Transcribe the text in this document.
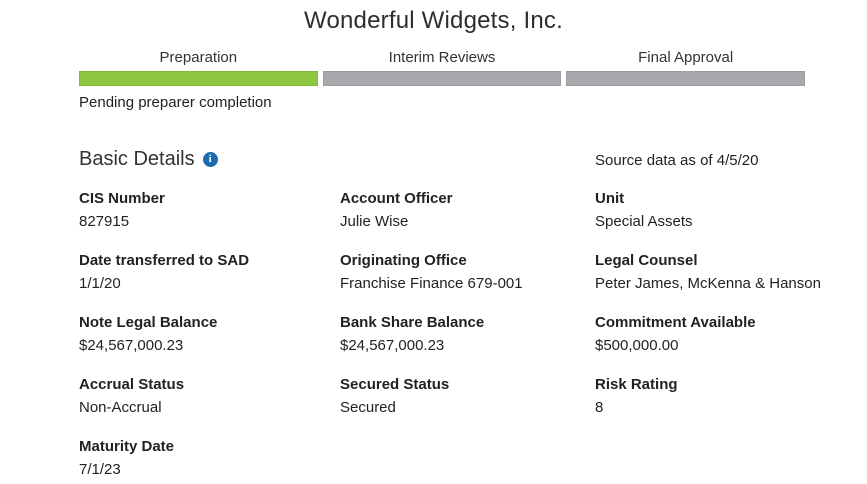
Wonderful Widgets, Inc.
Preparation	Interim Reviews	Final Approval
Pending preparer completion
Basic Details	i	Source data as of 4/5/20
CIS Number
827915
Account Officer
Julie Wise
Unit
Special Assets
Date transferred to SAD
1/1/20
Originating Office
Franchise Finance 679-001
Legal Counsel
Peter James, McKenna & Hanson
Note Legal Balance
$24,567,000.23
Bank Share Balance
$24,567,000.23
Commitment Available
$500,000.00
Accrual Status
Non-Accrual
Secured Status
Secured
Risk Rating
8
Maturity Date
7/1/23
